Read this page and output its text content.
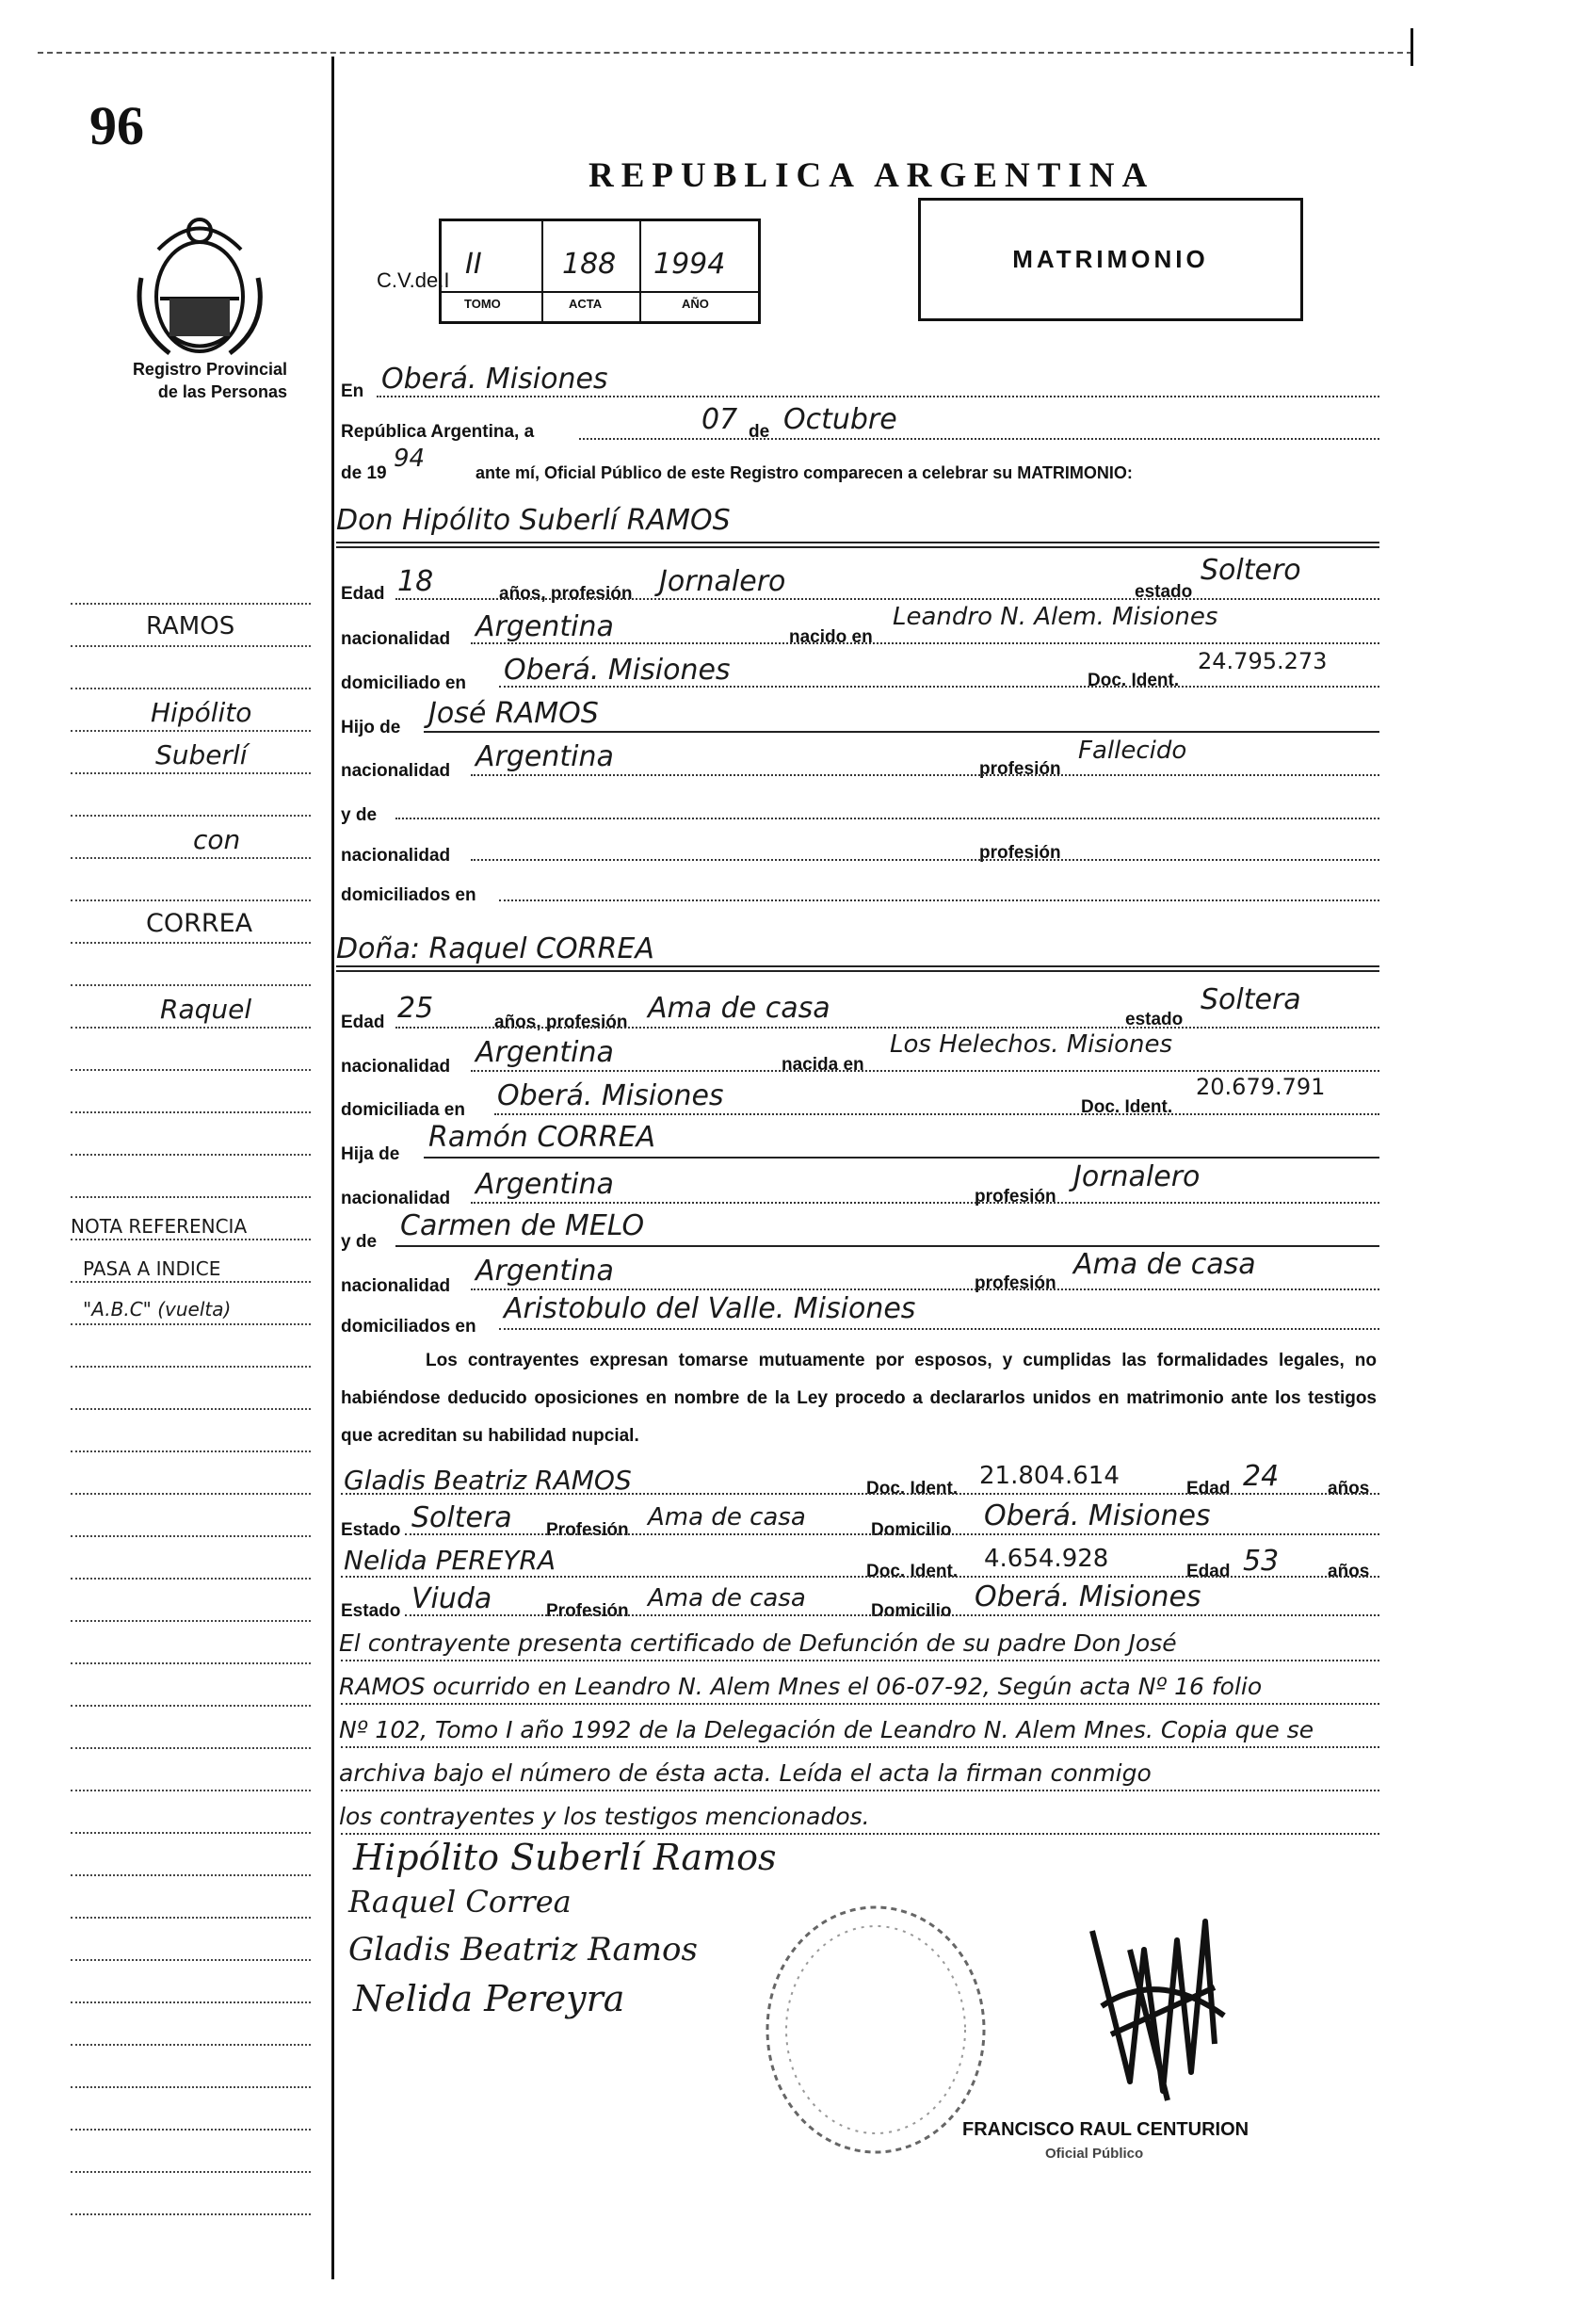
96
Registro Provincial
de las Personas
REPUBLICA ARGENTINA
C.V.de.I II	188 1994
TOMO	ACTA	AÑO
MATRIMONIO
RAMOS
Hipólito
Suberlí
con
CORREA
Raquel
NOTA REFERENCIA
PASA A INDICE
"A.B.C" (vuelta)
En Oberá. Misiones
República Argentina, a	07 de Octubre
de 19
94	ante mí, Oficial Público de este Registro comparecen a celebrar su MATRIMONIO:
Don Hipólito Suberlí RAMOS
Edad 18	años, profesión Jornalero	estado
Soltero
nacionalidad Argentina	nacido en
Leandro N. Alem. Misiones
domiciliado en Oberá. Misiones	Doc. Ident.
24.795.273
Hijo de José RAMOS
nacionalidad Argentina	profesión
Fallecido
y de
nacionalidad	profesión
domiciliados en
Doña: Raquel CORREA
Edad 25	años, profesión Ama de casa	estado
Soltera
nacionalidad Argentina	nacida en
Los Helechos. Misiones
domiciliada en Oberá. Misiones	Doc. Ident.
20.679.791
Hija de
Ramón CORREA
nacionalidad Argentina	profesión
Jornalero
y de Carmen de MELO
nacionalidad Argentina	profesión
Ama de casa
domiciliados en
Aristobulo del Valle. Misiones
Los contrayentes expresan tomarse mutuamente por esposos, y cumplidas las formalidades legales, no habiéndose deducido oposiciones en nombre de la Ley procedo a declararlos unidos en matrimonio ante los testigos que acreditan su habilidad nupcial.
Gladis Beatriz RAMOS	Doc. Ident. 21.804.614	Edad 24	años
Estado Soltera Profesión Ama de casa	Domicilio Oberá. Misiones
Nelida PEREYRA	Doc. Ident. 4.654.928	Edad 53	años
Estado Viuda	Profesión Ama de casa	Domicilio Oberá. Misiones
El contrayente presenta certificado de Defunción de su padre Don José
RAMOS ocurrido en Leandro N. Alem Mnes el 06-07-92, Según acta Nº 16 folio
Nº 102, Tomo I año 1992 de la Delegación de Leandro N. Alem Mnes. Copia que se
archiva bajo el número de ésta acta. Leída el acta la firman conmigo
los contrayentes y los testigos mencionados.
Hipólito Suberlí Ramos
Raquel Correa
Gladis Beatriz Ramos
Nelida Pereyra
FRANCISCO RAUL CENTURION
Oficial Público
